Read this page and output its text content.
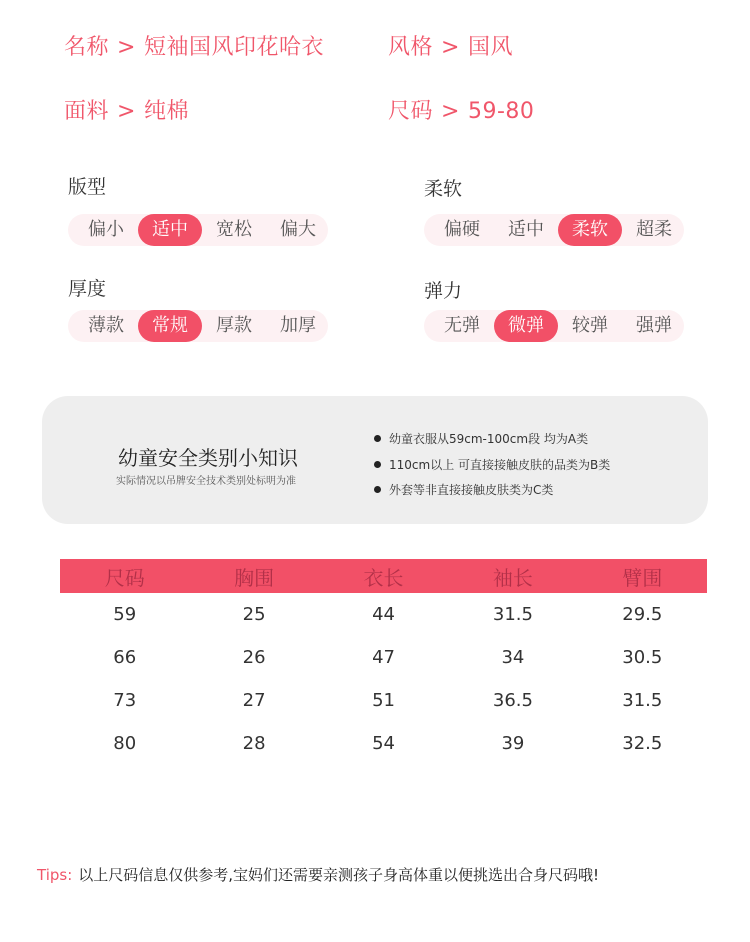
名称 > 短袖国风印花哈衣	风格 > 国风
面料 > 纯棉	尺码 > 59-80
版型
偏小	适中	宽松	偏大
柔软
偏硬	适中	柔软	超柔
厚度
薄款	常规	厚款	加厚
弹力
无弹	微弹	较弹	强弹
幼童安全类别小知识
实际情况以吊牌安全技术类别处标明为准
幼童衣服从59cm-100cm段 均为A类
110cm以上 可直接接触皮肤的品类为B类
外套等非直接接触皮肤类为C类
尺码	胸围	衣长	袖长	臂围
59	25	44	31.5	29.5
66	26	47	34	30.5
73	27	51	36.5	31.5
80	28	54	39	32.5
Tips: 以上尺码信息仅供参考,宝妈们还需要亲测孩子身高体重以便挑选出合身尺码哦!
